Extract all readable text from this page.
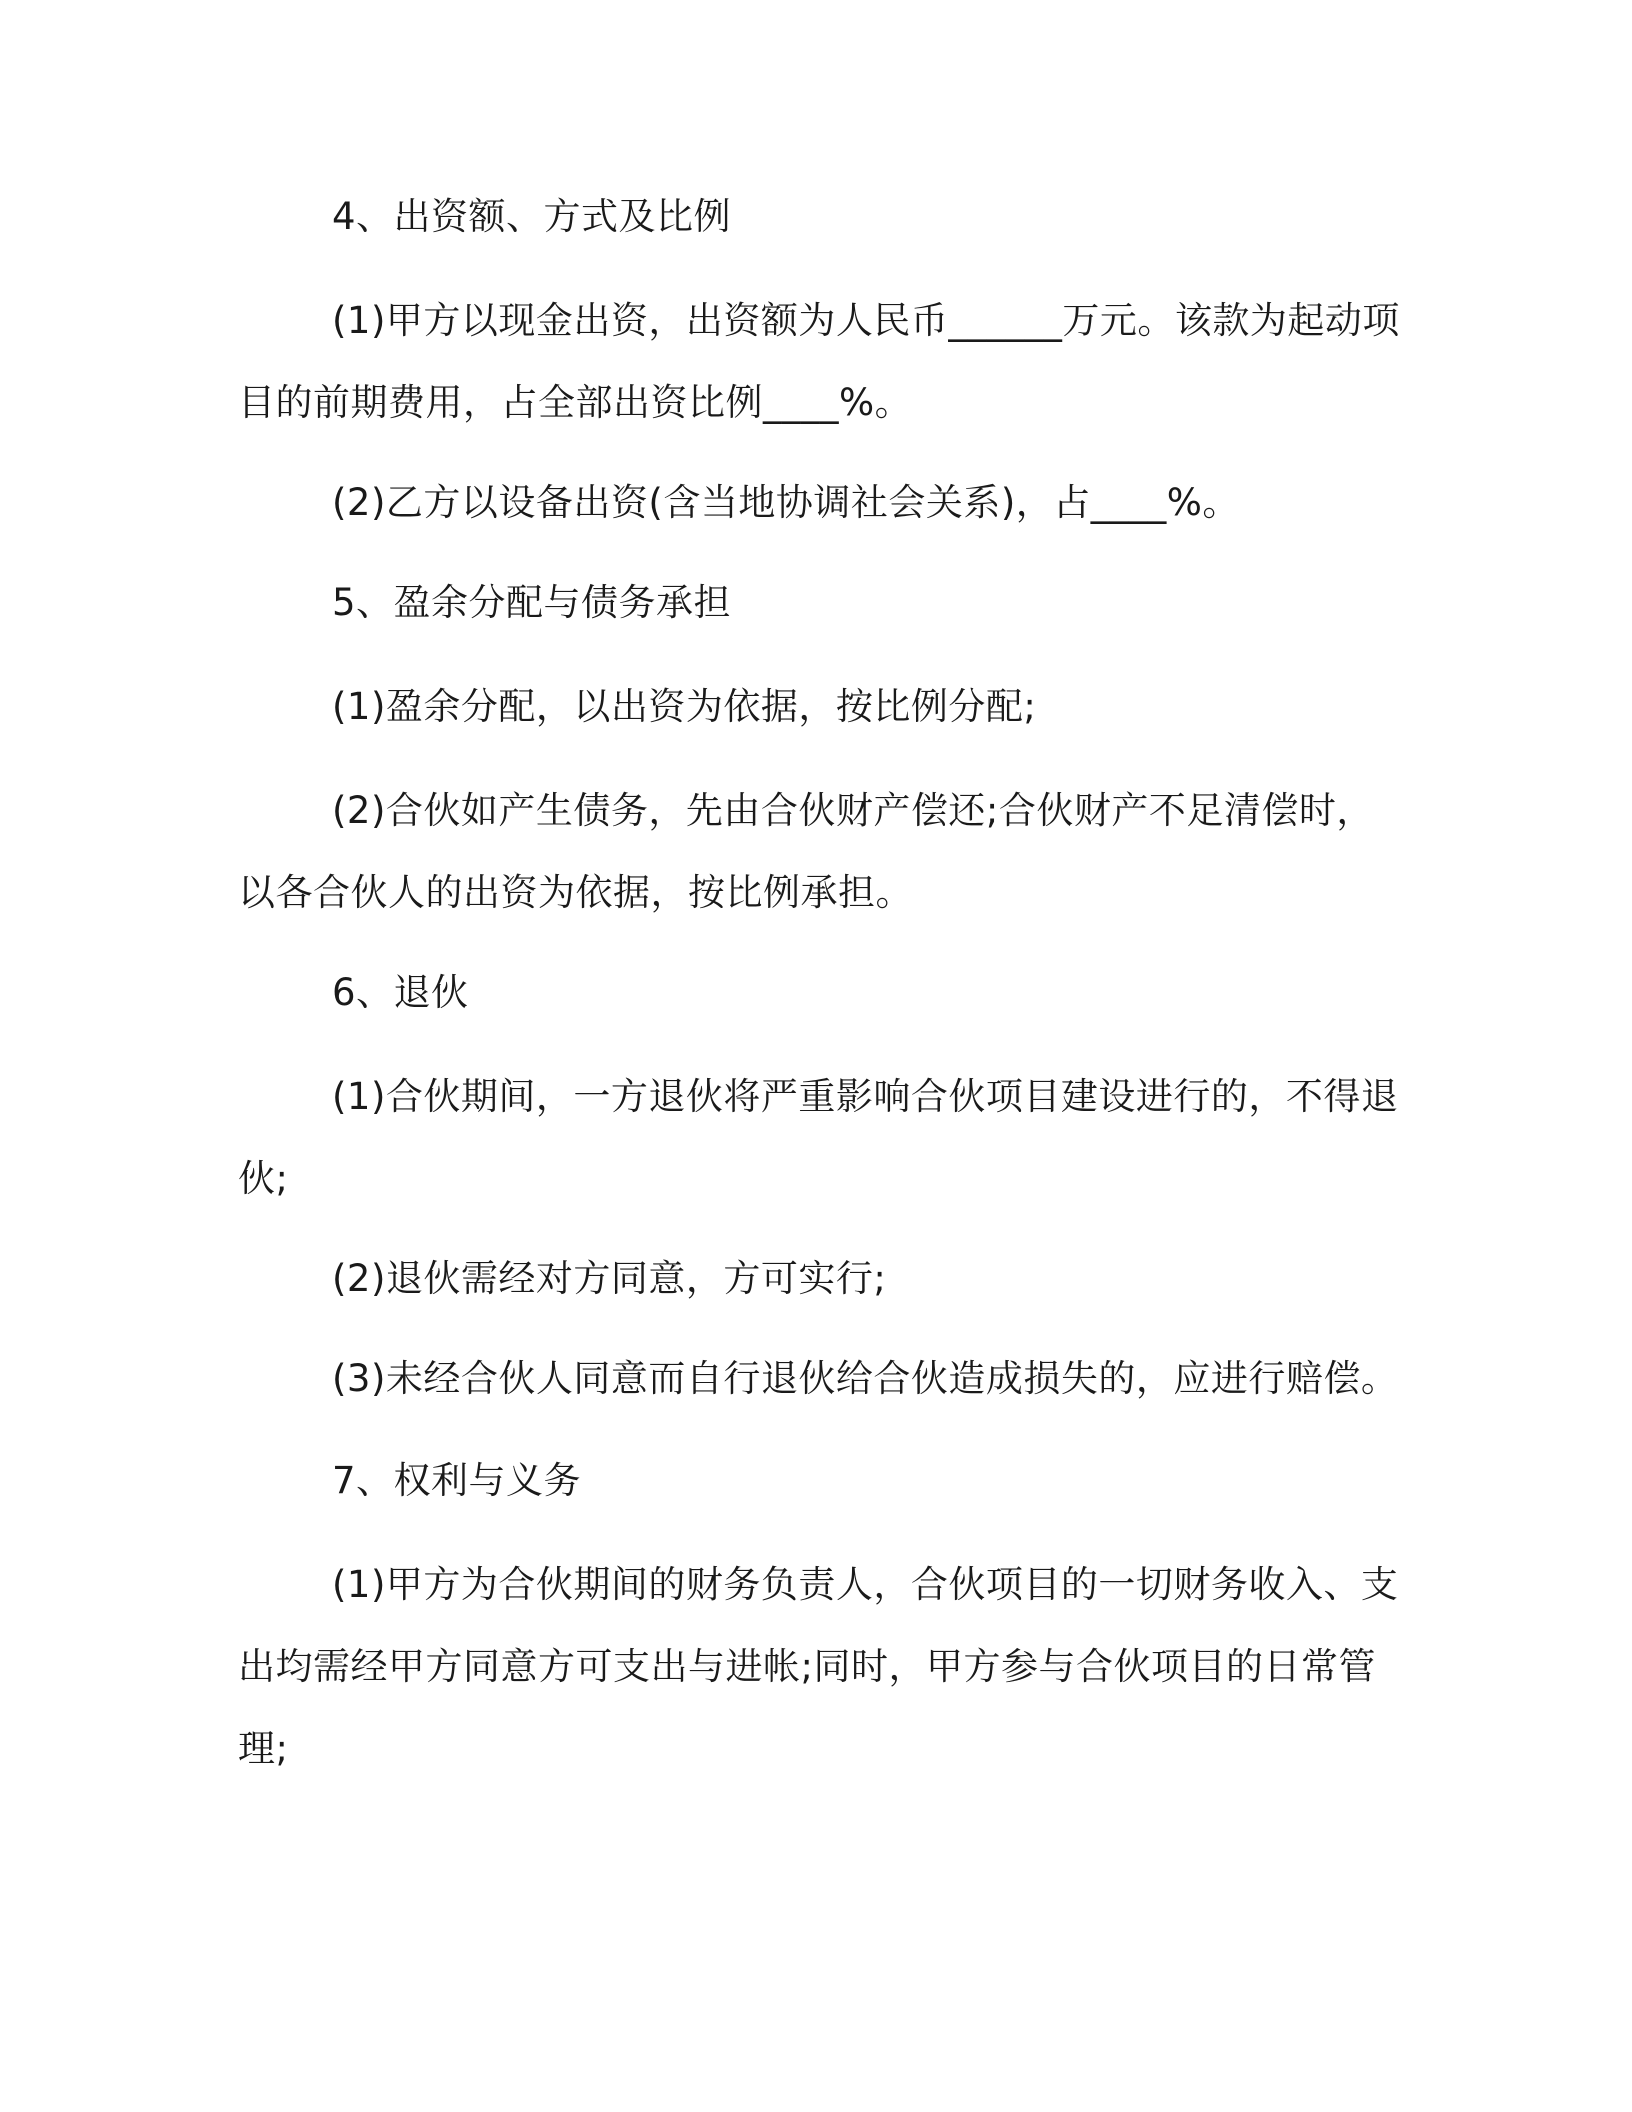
4、出资额、方式及比例

(1)甲方以现金出资，出资额为人民币______万元。该款为起动项目的前期费用，占全部出资比例____%。

(2)乙方以设备出资(含当地协调社会关系)，占____%。

5、盈余分配与债务承担

(1)盈余分配，以出资为依据，按比例分配;

(2)合伙如产生债务，先由合伙财产偿还;合伙财产不足清偿时，以各合伙人的出资为依据，按比例承担。

6、退伙

(1)合伙期间，一方退伙将严重影响合伙项目建设进行的，不得退伙;

(2)退伙需经对方同意，方可实行;

(3)未经合伙人同意而自行退伙给合伙造成损失的，应进行赔偿。

7、权利与义务

(1)甲方为合伙期间的财务负责人，合伙项目的一切财务收入、支出均需经甲方同意方可支出与进帐;同时，甲方参与合伙项目的日常管理;
